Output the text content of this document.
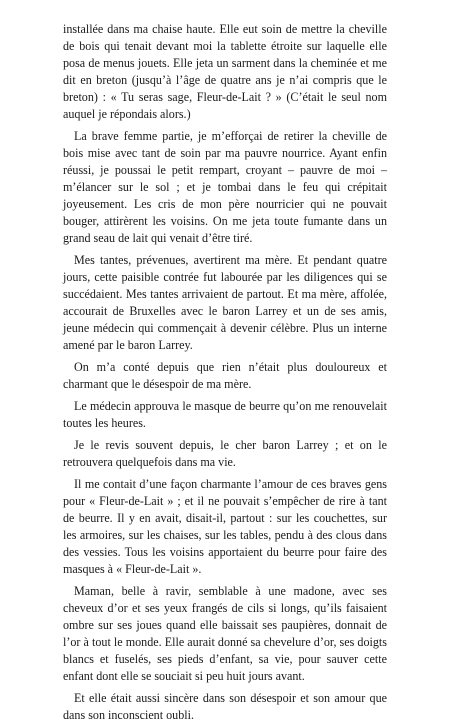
installée dans ma chaise haute. Elle eut soin de mettre la cheville de bois qui tenait devant moi la tablette étroite sur laquelle elle posa de menus jouets. Elle jeta un sarment dans la cheminée et me dit en breton (jusqu’à l’âge de quatre ans je n’ai compris que le breton) : « Tu seras sage, Fleur-de-Lait ? » (C’était le seul nom auquel je répondais alors.)

La brave femme partie, je m’efforçai de retirer la cheville de bois mise avec tant de soin par ma pauvre nourrice. Ayant enfin réussi, je poussai le petit rempart, croyant – pauvre de moi – m’élancer sur le sol ; et je tombai dans le feu qui crépitait joyeusement. Les cris de mon père nourricier qui ne pouvait bouger, attirèrent les voisins. On me jeta toute fumante dans un grand seau de lait qui venait d’être tiré.

Mes tantes, prévenues, avertirent ma mère. Et pendant quatre jours, cette paisible contrée fut labourée par les diligences qui se succédaient. Mes tantes arrivaient de partout. Et ma mère, affolée, accourait de Bruxelles avec le baron Larrey et un de ses amis, jeune médecin qui commençait à devenir célèbre. Plus un interne amené par le baron Larrey.

On m’a conté depuis que rien n’était plus douloureux et charmant que le désespoir de ma mère.

Le médecin approuva le masque de beurre qu’on me renouvelait toutes les heures.

Je le revis souvent depuis, le cher baron Larrey ; et on le retrouvera quelquefois dans ma vie.

Il me contait d’une façon charmante l’amour de ces braves gens pour « Fleur-de-Lait » ; et il ne pouvait s’empêcher de rire à tant de beurre. Il y en avait, disait-il, partout : sur les couchettes, sur les armoires, sur les chaises, sur les tables, pendu à des clous dans des vessies. Tous les voisins apportaient du beurre pour faire des masques à « Fleur-de-Lait ».

Maman, belle à ravir, semblable à une madone, avec ses cheveux d’or et ses yeux frangés de cils si longs, qu’ils faisaient ombre sur ses joues quand elle baissait ses paupières, donnait de l’or à tout le monde. Elle aurait donné sa chevelure d’or, ses doigts blancs et fuselés, ses pieds d’enfant, sa vie, pour sauver cette enfant dont elle se souciait si peu huit jours avant.

Et elle était aussi sincère dans son désespoir et son amour que dans son inconscient oubli.
